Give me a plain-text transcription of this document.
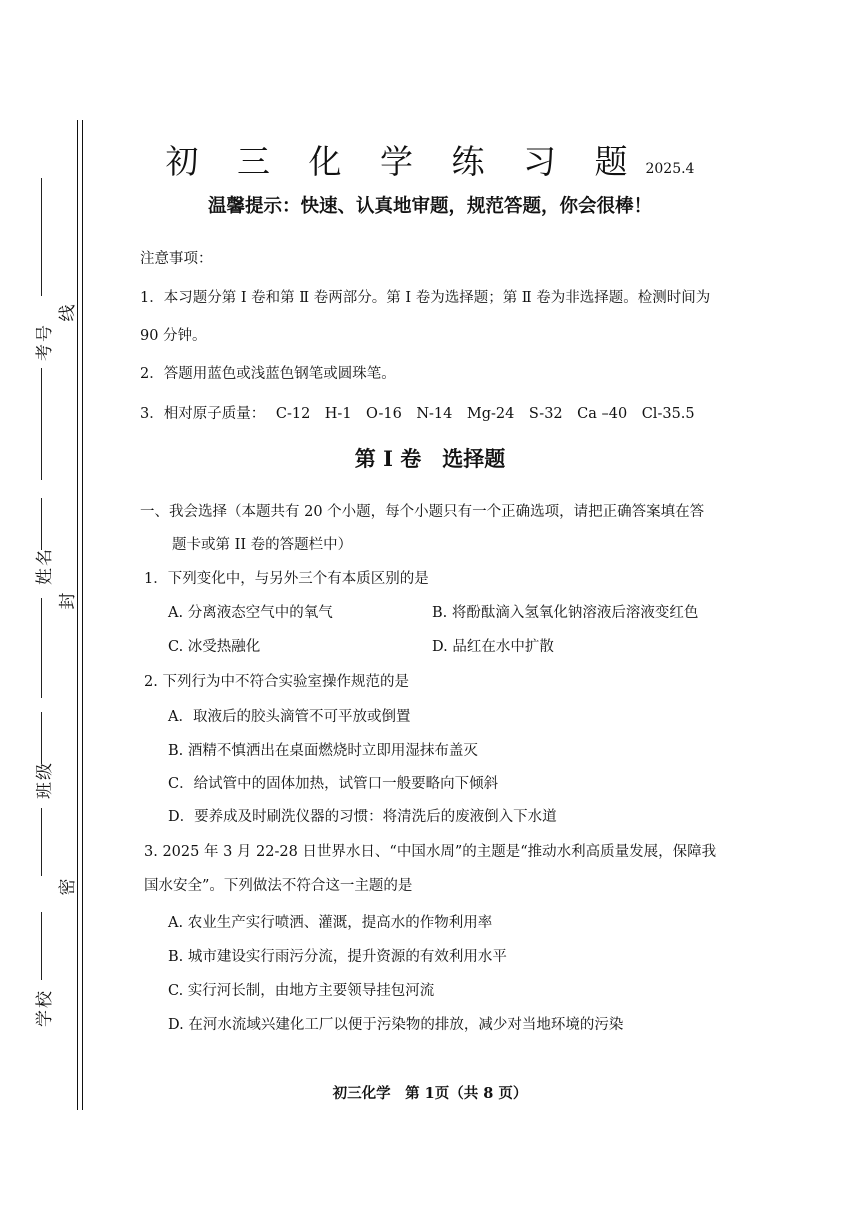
考号
线
姓名
封
班级
密
学校
初 三 化 学 练 习 题 2025.4
温馨提示：快速、认真地审题，规范答题，你会很棒！
注意事项：
1．本习题分第 Ⅰ 卷和第 Ⅱ 卷两部分。第 Ⅰ 卷为选择题；第 Ⅱ 卷为非选择题。检测时间为
90 分钟。
2．答题用蓝色或浅蓝色钢笔或圆珠笔。
3．相对原子质量： C-12　H-1　O-16　N-14　Mg-24　S-32　Ca –40　Cl-35.5
第 Ⅰ 卷　选择题
一、我会选择（本题共有 20 个小题，每个小题只有一个正确选项，请把正确答案填在答
题卡或第 II 卷的答题栏中）
1．下列变化中，与另外三个有本质区别的是
A. 分离液态空气中的氧气	B. 将酚酞滴入氢氧化钠溶液后溶液变红色
C. 冰受热融化	D. 品红在水中扩散
2. 下列行为中不符合实验室操作规范的是
A．取液后的胶头滴管不可平放或倒置
B. 酒精不慎洒出在桌面燃烧时立即用湿抹布盖灭
C．给试管中的固体加热，试管口一般要略向下倾斜
D．要养成及时刷洗仪器的习惯：将清洗后的废液倒入下水道
3. 2025 年 3 月 22-28 日世界水日、“中国水周”的主题是“推动水利高质量发展，保障我
国水安全”。下列做法不符合这一主题的是
A. 农业生产实行喷洒、灌溉，提高水的作物利用率
B. 城市建设实行雨污分流，提升资源的有效利用水平
C. 实行河长制，由地方主要领导挂包河流
D. 在河水流域兴建化工厂以便于污染物的排放，减少对当地环境的污染
初三化学　第 1页（共 8 页）
